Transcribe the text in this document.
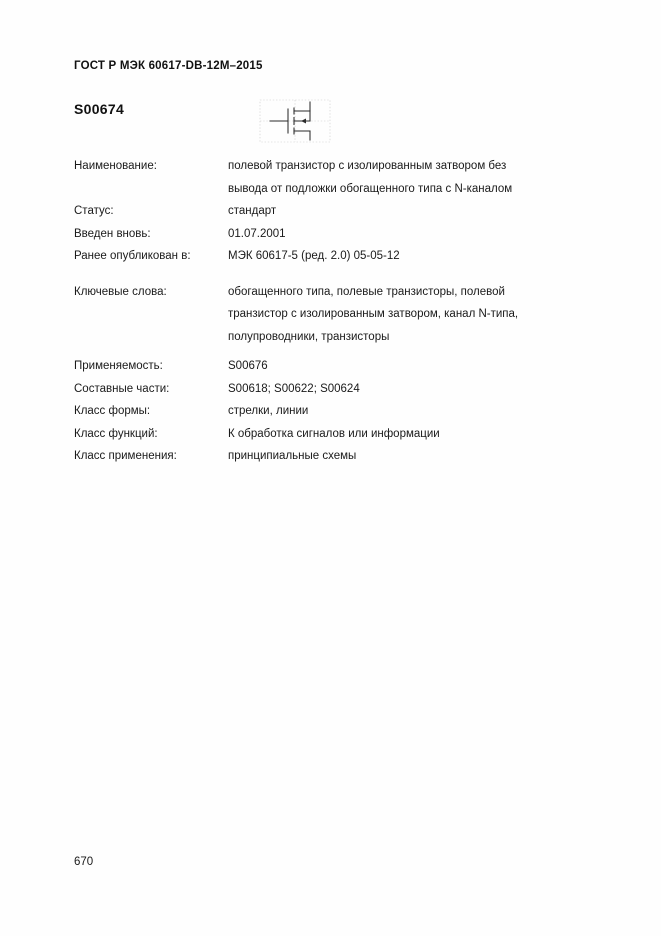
ГОСТ Р МЭК 60617-DB-12M–2015
S00674
Наименование:	полевой транзистор с изолированным затвором без
вывода от подложки обогащенного типа с N-каналом
Статус:	стандарт
Введен вновь:	01.07.2001
Ранее опубликован в:	МЭК 60617-5 (ред. 2.0) 05-05-12
Ключевые слова:	обогащенного типа, полевые транзисторы, полевой
транзистор с изолированным затвором, канал N-типа,
полупроводники, транзисторы
Применяемость:	S00676
Составные части:	S00618; S00622; S00624
Класс формы:	стрелки, линии
Класс функций:	К обработка сигналов или информации
Класс применения:	принципиальные схемы
670
